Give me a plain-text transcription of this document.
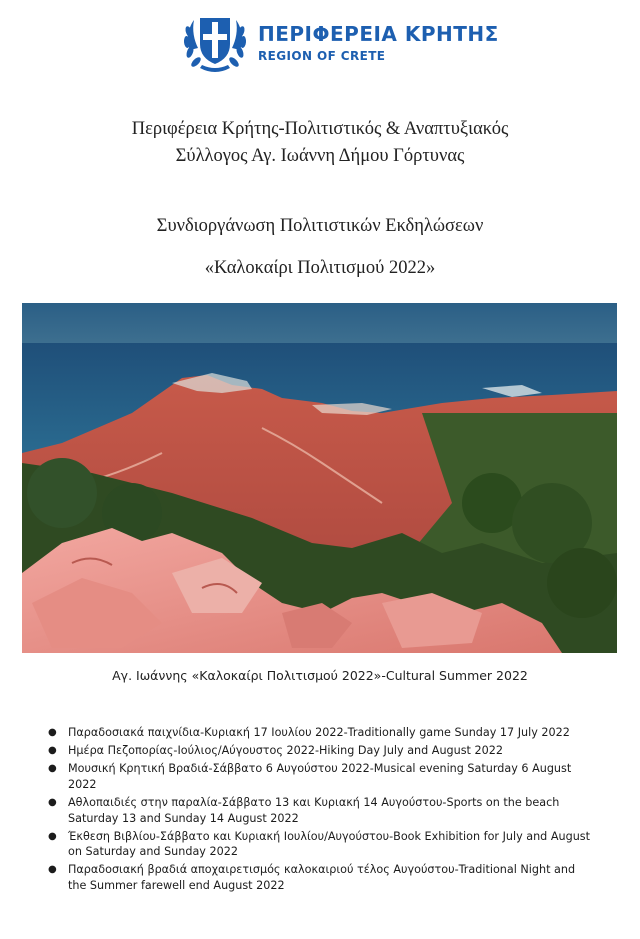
ΠΕΡΙΦΕΡΕΙΑ ΚΡΗΤΗΣ
REGION OF CRETE
Περιφέρεια Κρήτης-Πολιτιστικός & Αναπτυξιακός
Σύλλογος Αγ. Ιωάννη Δήμου Γόρτυνας
Συνδιοργάνωση Πολιτιστικών Εκδηλώσεων
«Καλοκαίρι Πολιτισμού 2022»
Αγ. Ιωάννης «Καλοκαίρι Πολιτισμού 2022»-Cultural Summer 2022
● Παραδοσιακά παιχνίδια-Κυριακή 17 Ιουλίου 2022-Traditionally game Sunday 17 July 2022
● Ημέρα Πεζοπορίας-Ιούλιος/Αύγουστος 2022-Hiking Day July and August 2022
● Μουσική Κρητική Βραδιά-Σάββατο 6 Αυγούστου 2022-Musical evening Saturday 6 August 2022
● Αθλοπαιδιές στην παραλία-Σάββατο 13 και Κυριακή 14 Αυγούστου-Sports on the beach Saturday 13 and Sunday 14 August 2022
● Έκθεση Βιβλίου-Σάββατο και Κυριακή Ιουλίου/Αυγούστου-Book Exhibition for July and August on Saturday and Sunday 2022
● Παραδοσιακή βραδιά αποχαιρετισμός καλοκαιριού τέλος Αυγούστου-Traditional Night and the Summer farewell end August 2022
